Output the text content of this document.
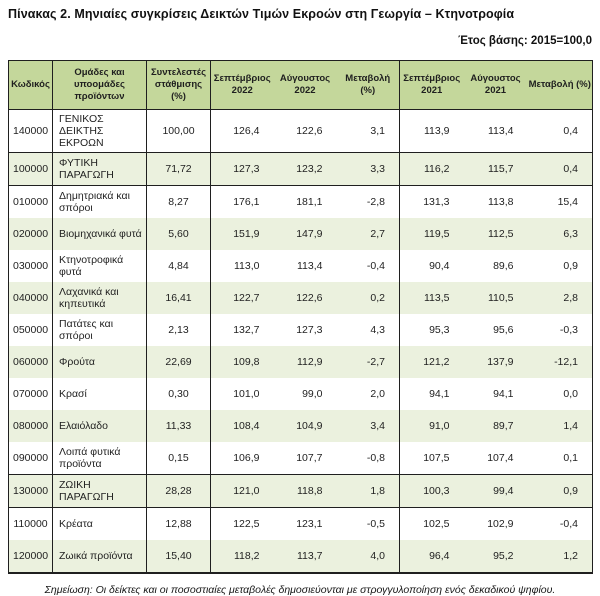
Πίνακας 2. Μηνιαίες συγκρίσεις Δεικτών Τιμών Εκροών στη Γεωργία – Κτηνοτροφία
Έτος βάσης: 2015=100,0
Κωδικός	Ομάδες και υποομάδες προϊόντων	Συντελεστές στάθμισης (%)	Σεπτέμβριος 2022	Αύγουστος 2022	Μεταβολή (%)	Σεπτέμβριος 2021	Αύγουστος 2021	Μεταβολή (%)
140000	ΓΕΝΙΚΟΣ ΔΕΙΚΤΗΣ ΕΚΡΟΩΝ	100,00	126,4	122,6	3,1	113,9	113,4	0,4
100000	ΦΥΤΙΚΗ ΠΑΡΑΓΩΓΗ	71,72	127,3	123,2	3,3	116,2	115,7	0,4
010000	Δημητριακά και σπόροι	8,27	176,1	181,1	-2,8	131,3	113,8	15,4
020000	Βιομηχανικά φυτά	5,60	151,9	147,9	2,7	119,5	112,5	6,3
030000	Κτηνοτροφικά φυτά	4,84	113,0	113,4	-0,4	90,4	89,6	0,9
040000	Λαχανικά και κηπευτικά	16,41	122,7	122,6	0,2	113,5	110,5	2,8
050000	Πατάτες και σπόροι	2,13	132,7	127,3	4,3	95,3	95,6	-0,3
060000	Φρούτα	22,69	109,8	112,9	-2,7	121,2	137,9	-12,1
070000	Κρασί	0,30	101,0	99,0	2,0	94,1	94,1	0,0
080000	Ελαιόλαδο	11,33	108,4	104,9	3,4	91,0	89,7	1,4
090000	Λοιπά φυτικά προϊόντα	0,15	106,9	107,7	-0,8	107,5	107,4	0,1
130000	ΖΩΙΚΗ ΠΑΡΑΓΩΓΗ	28,28	121,0	118,8	1,8	100,3	99,4	0,9
110000	Κρέατα	12,88	122,5	123,1	-0,5	102,5	102,9	-0,4
120000	Ζωικά προϊόντα	15,40	118,2	113,7	4,0	96,4	95,2	1,2
Σημείωση: Οι δείκτες και οι ποσοστιαίες μεταβολές δημοσιεύονται με στρογγυλοποίηση ενός δεκαδικού ψηφίου.
